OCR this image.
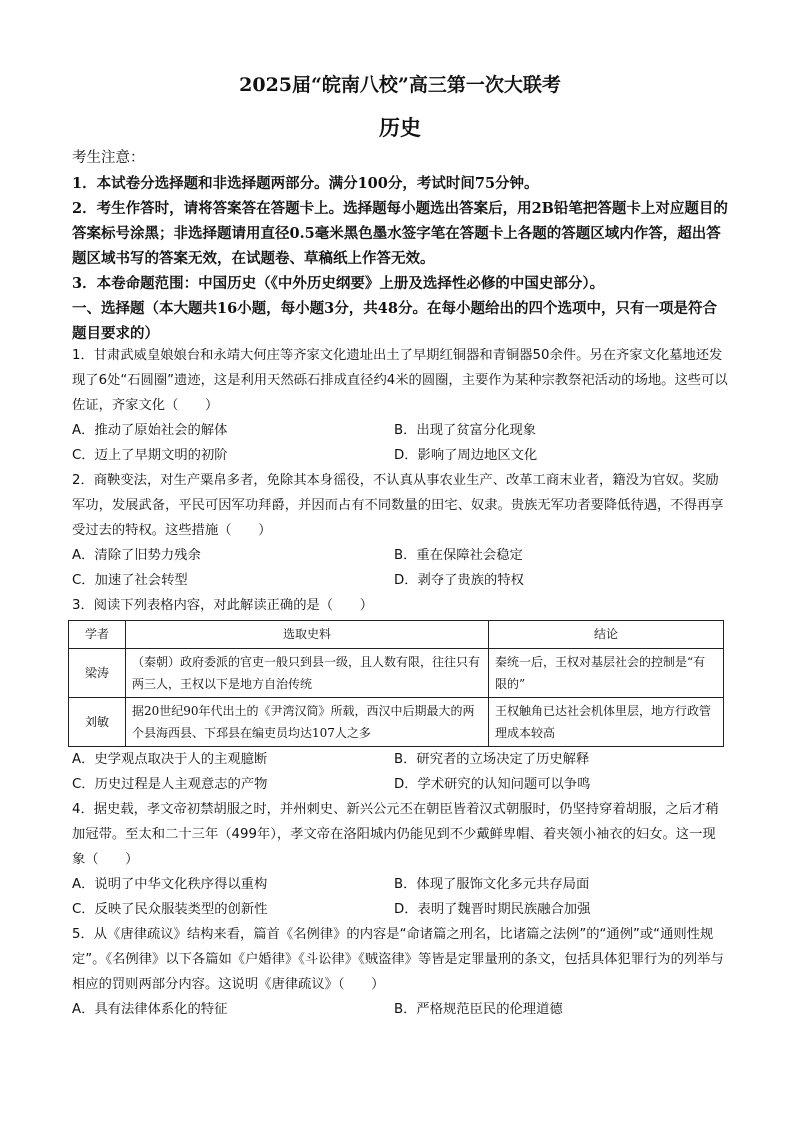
2025届“皖南八校”高三第一次大联考
历史
考生注意：
1．本试卷分选择题和非选择题两部分。满分100分，考试时间75分钟。
2．考生作答时，请将答案答在答题卡上。选择题每小题选出答案后，用2B铅笔把答题卡上对应题目的答案标号涂黑；非选择题请用直径0.5毫米黑色墨水签字笔在答题卡上各题的答题区域内作答，超出答题区域书写的答案无效，在试题卷、草稿纸上作答无效。
3．本卷命题范围：中国历史（《中外历史纲要》上册及选择性必修的中国史部分）。
一、选择题（本大题共16小题，每小题3分，共48分。在每小题给出的四个选项中，只有一项是符合题目要求的）

1．甘肃武威皇娘娘台和永靖大何庄等齐家文化遗址出土了早期红铜器和青铜器50余件。另在齐家文化墓地还发现了6处“石圆圈”遗迹，这是利用天然砾石排成直径约4米的圆圈，主要作为某种宗教祭祀活动的场地。这些可以佐证，齐家文化（　　）

A．推动了原始社会的解体	B．出现了贫富分化现象
C．迈上了早期文明的初阶	D．影响了周边地区文化

2．商鞅变法，对生产粟帛多者，免除其本身徭役，不认真从事农业生产、改革工商末业者，籍没为官奴。奖励军功，发展武备，平民可因军功拜爵，并因而占有不同数量的田宅、奴隶。贵族无军功者要降低待遇，不得再享受过去的特权。这些措施（　　）

A．清除了旧势力残余	B．重在保障社会稳定
C．加速了社会转型	D．剥夺了贵族的特权

3．阅读下列表格内容，对此解读正确的是（　　）

学者	选取史料	结论
梁涛	（秦朝）政府委派的官吏一般只到县一级，且人数有限，往往只有两三人，王权以下是地方自治传统	秦统一后，王权对基层社会的控制是“有限的”
刘敏	据20世纪90年代出土的《尹湾汉简》所载，西汉中后期最大的两个县海西县、下邳县在编吏员均达107人之多	王权触角已达社会机体里层，地方行政管理成本较高
A．史学观点取决于人的主观臆断	B．研究者的立场决定了历史解释
C．历史过程是人主观意志的产物	D．学术研究的认知问题可以争鸣

4．据史载，孝文帝初禁胡服之时，并州刺史、新兴公元丕在朝臣皆着汉式朝服时，仍坚持穿着胡服，之后才稍加冠带。至太和二十三年（499年），孝文帝在洛阳城内仍能见到不少戴鲜卑帽、着夹领小袖衣的妇女。这一现象（　　）

A．说明了中华文化秩序得以重构	B．体现了服饰文化多元共存局面
C．反映了民众服装类型的创新性	D．表明了魏晋时期民族融合加强

5．从《唐律疏议》结构来看，篇首《名例律》的内容是“命诸篇之刑名，比诸篇之法例”的“通例”或“通则性规定”。《名例律》以下各篇如《户婚律》《斗讼律》《贼盗律》等皆是定罪量刑的条文，包括具体犯罪行为的列举与相应的罚则两部分内容。这说明《唐律疏议》（　　）

A．具有法律体系化的特征	B．严格规范臣民的伦理道德
